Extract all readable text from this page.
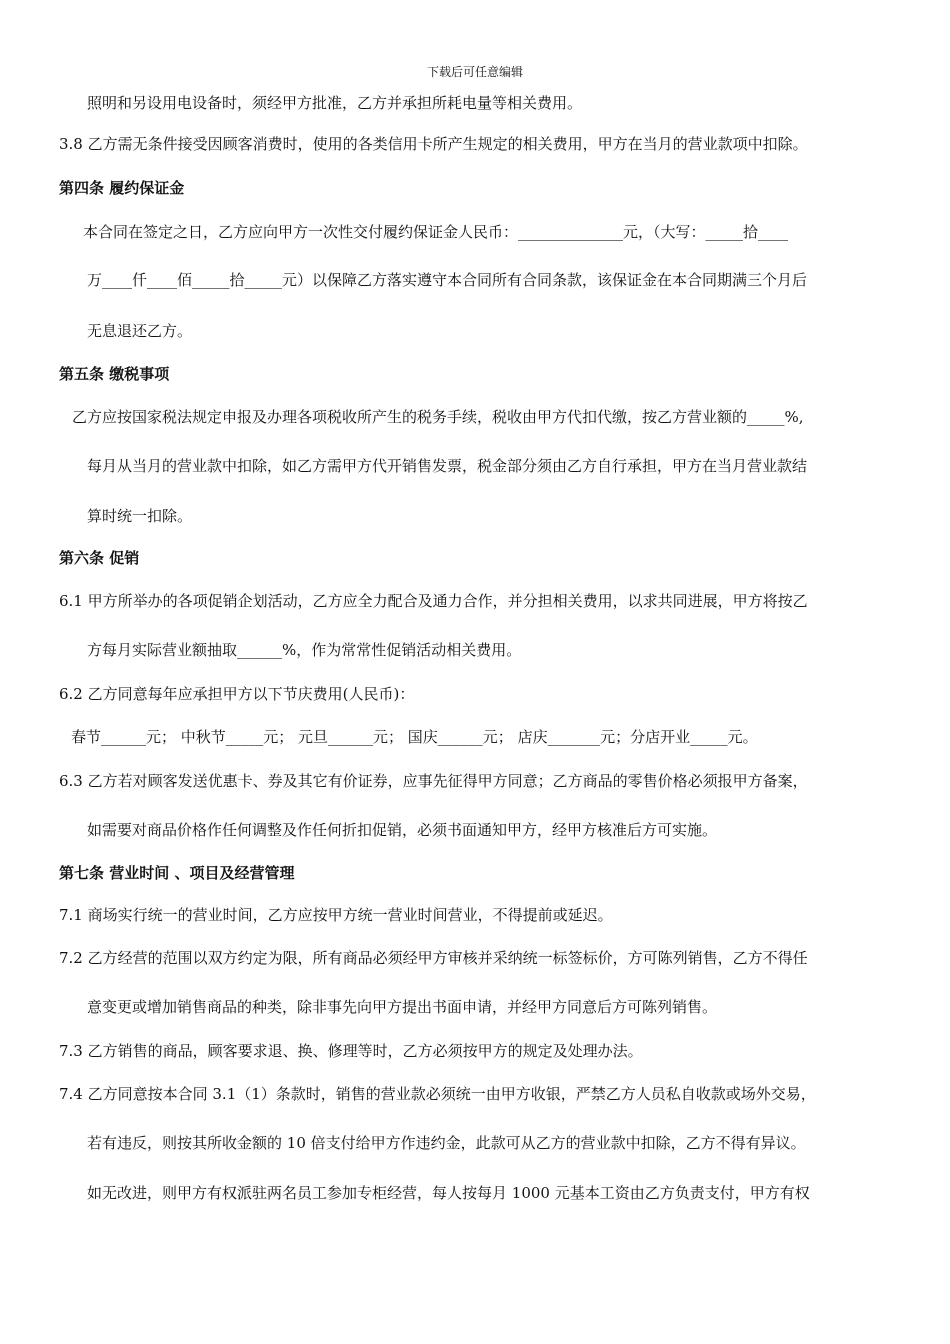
下载后可任意编辑
照明和另设用电设备时，须经甲方批准，乙方并承担所耗电量等相关费用。
3.8 乙方需无条件接受因顾客消费时，使用的各类信用卡所产生规定的相关费用，甲方在当月的营业款项中扣除。
第四条 履约保证金
本合同在签定之日，乙方应向甲方一次性交付履约保证金人民币：______________元，（大写：_____拾____
万____仟____佰_____拾_____元）以保障乙方落实遵守本合同所有合同条款，该保证金在本合同期满三个月后
无息退还乙方。
第五条 缴税事项
乙方应按国家税法规定申报及办理各项税收所产生的税务手续，税收由甲方代扣代缴，按乙方营业额的_____%,
每月从当月的营业款中扣除，如乙方需甲方代开销售发票，税金部分须由乙方自行承担，甲方在当月营业款结
算时统一扣除。
第六条 促销
6.1 甲方所举办的各项促销企划活动，乙方应全力配合及通力合作，并分担相关费用，以求共同进展，甲方将按乙
方每月实际营业额抽取______%，作为常常性促销活动相关费用。
6.2 乙方同意每年应承担甲方以下节庆费用(人民币)：
春节______元； 中秋节_____元； 元旦______元； 国庆______元； 店庆_______元；分店开业_____元。
6.3 乙方若对顾客发送优惠卡、券及其它有价证券，应事先征得甲方同意；乙方商品的零售价格必须报甲方备案，
如需要对商品价格作任何调整及作任何折扣促销，必须书面通知甲方，经甲方核准后方可实施。
第七条 营业时间 、项目及经营管理
7.1 商场实行统一的营业时间，乙方应按甲方统一营业时间营业，不得提前或延迟。
7.2 乙方经营的范围以双方约定为限，所有商品必须经甲方审核并采纳统一标签标价，方可陈列销售，乙方不得任
意变更或增加销售商品的种类，除非事先向甲方提出书面申请，并经甲方同意后方可陈列销售。
7.3 乙方销售的商品，顾客要求退、换、修理等时，乙方必须按甲方的规定及处理办法。
7.4 乙方同意按本合同 3.1（1）条款时，销售的营业款必须统一由甲方收银，严禁乙方人员私自收款或场外交易，
若有违反，则按其所收金额的 10 倍支付给甲方作违约金，此款可从乙方的营业款中扣除，乙方不得有异议。
如无改进，则甲方有权派驻两名员工参加专柜经营，每人按每月 1000 元基本工资由乙方负责支付，甲方有权
